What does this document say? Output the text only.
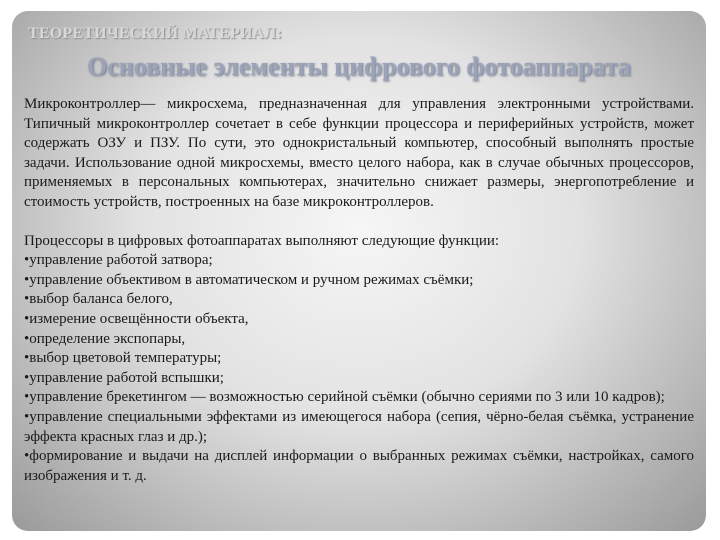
ТЕОРЕТИЧЕСКИЙ МАТЕРИАЛ:
Основные элементы цифрового фотоаппарата

Микроконтроллер— микросхема, предназначенная для управления электронными устройствами. Типичный микроконтроллер сочетает в себе функции процессора и периферийных устройств, может содержать ОЗУ и ПЗУ. По сути, это однокристальный компьютер, способный выполнять простые задачи. Использование одной микросхемы, вместо целого набора, как в случае обычных процессоров, применяемых в персональных компьютерах, значительно снижает размеры, энергопотребление и стоимость устройств, построенных на базе микроконтроллеров.

Процессоры в цифровых фотоаппаратах выполняют следующие функции:

•управление работой затвора;
•управление объективом в автоматическом и ручном режимах съёмки;
•выбор баланса белого,
•измерение освещённости объекта,
•определение экспопары,
•выбор цветовой температуры;
•управление работой вспышки;
•управление брекетингом — возможностью серийной съёмки (обычно сериями по 3 или 10 кадров);
•управление специальными эффектами из имеющегося набора (сепия, чёрно-белая съёмка, устранение эффекта красных глаз и др.);
•формирование и выдачи на дисплей информации о выбранных режимах съёмки, настройках, самого изображения и т. д.
